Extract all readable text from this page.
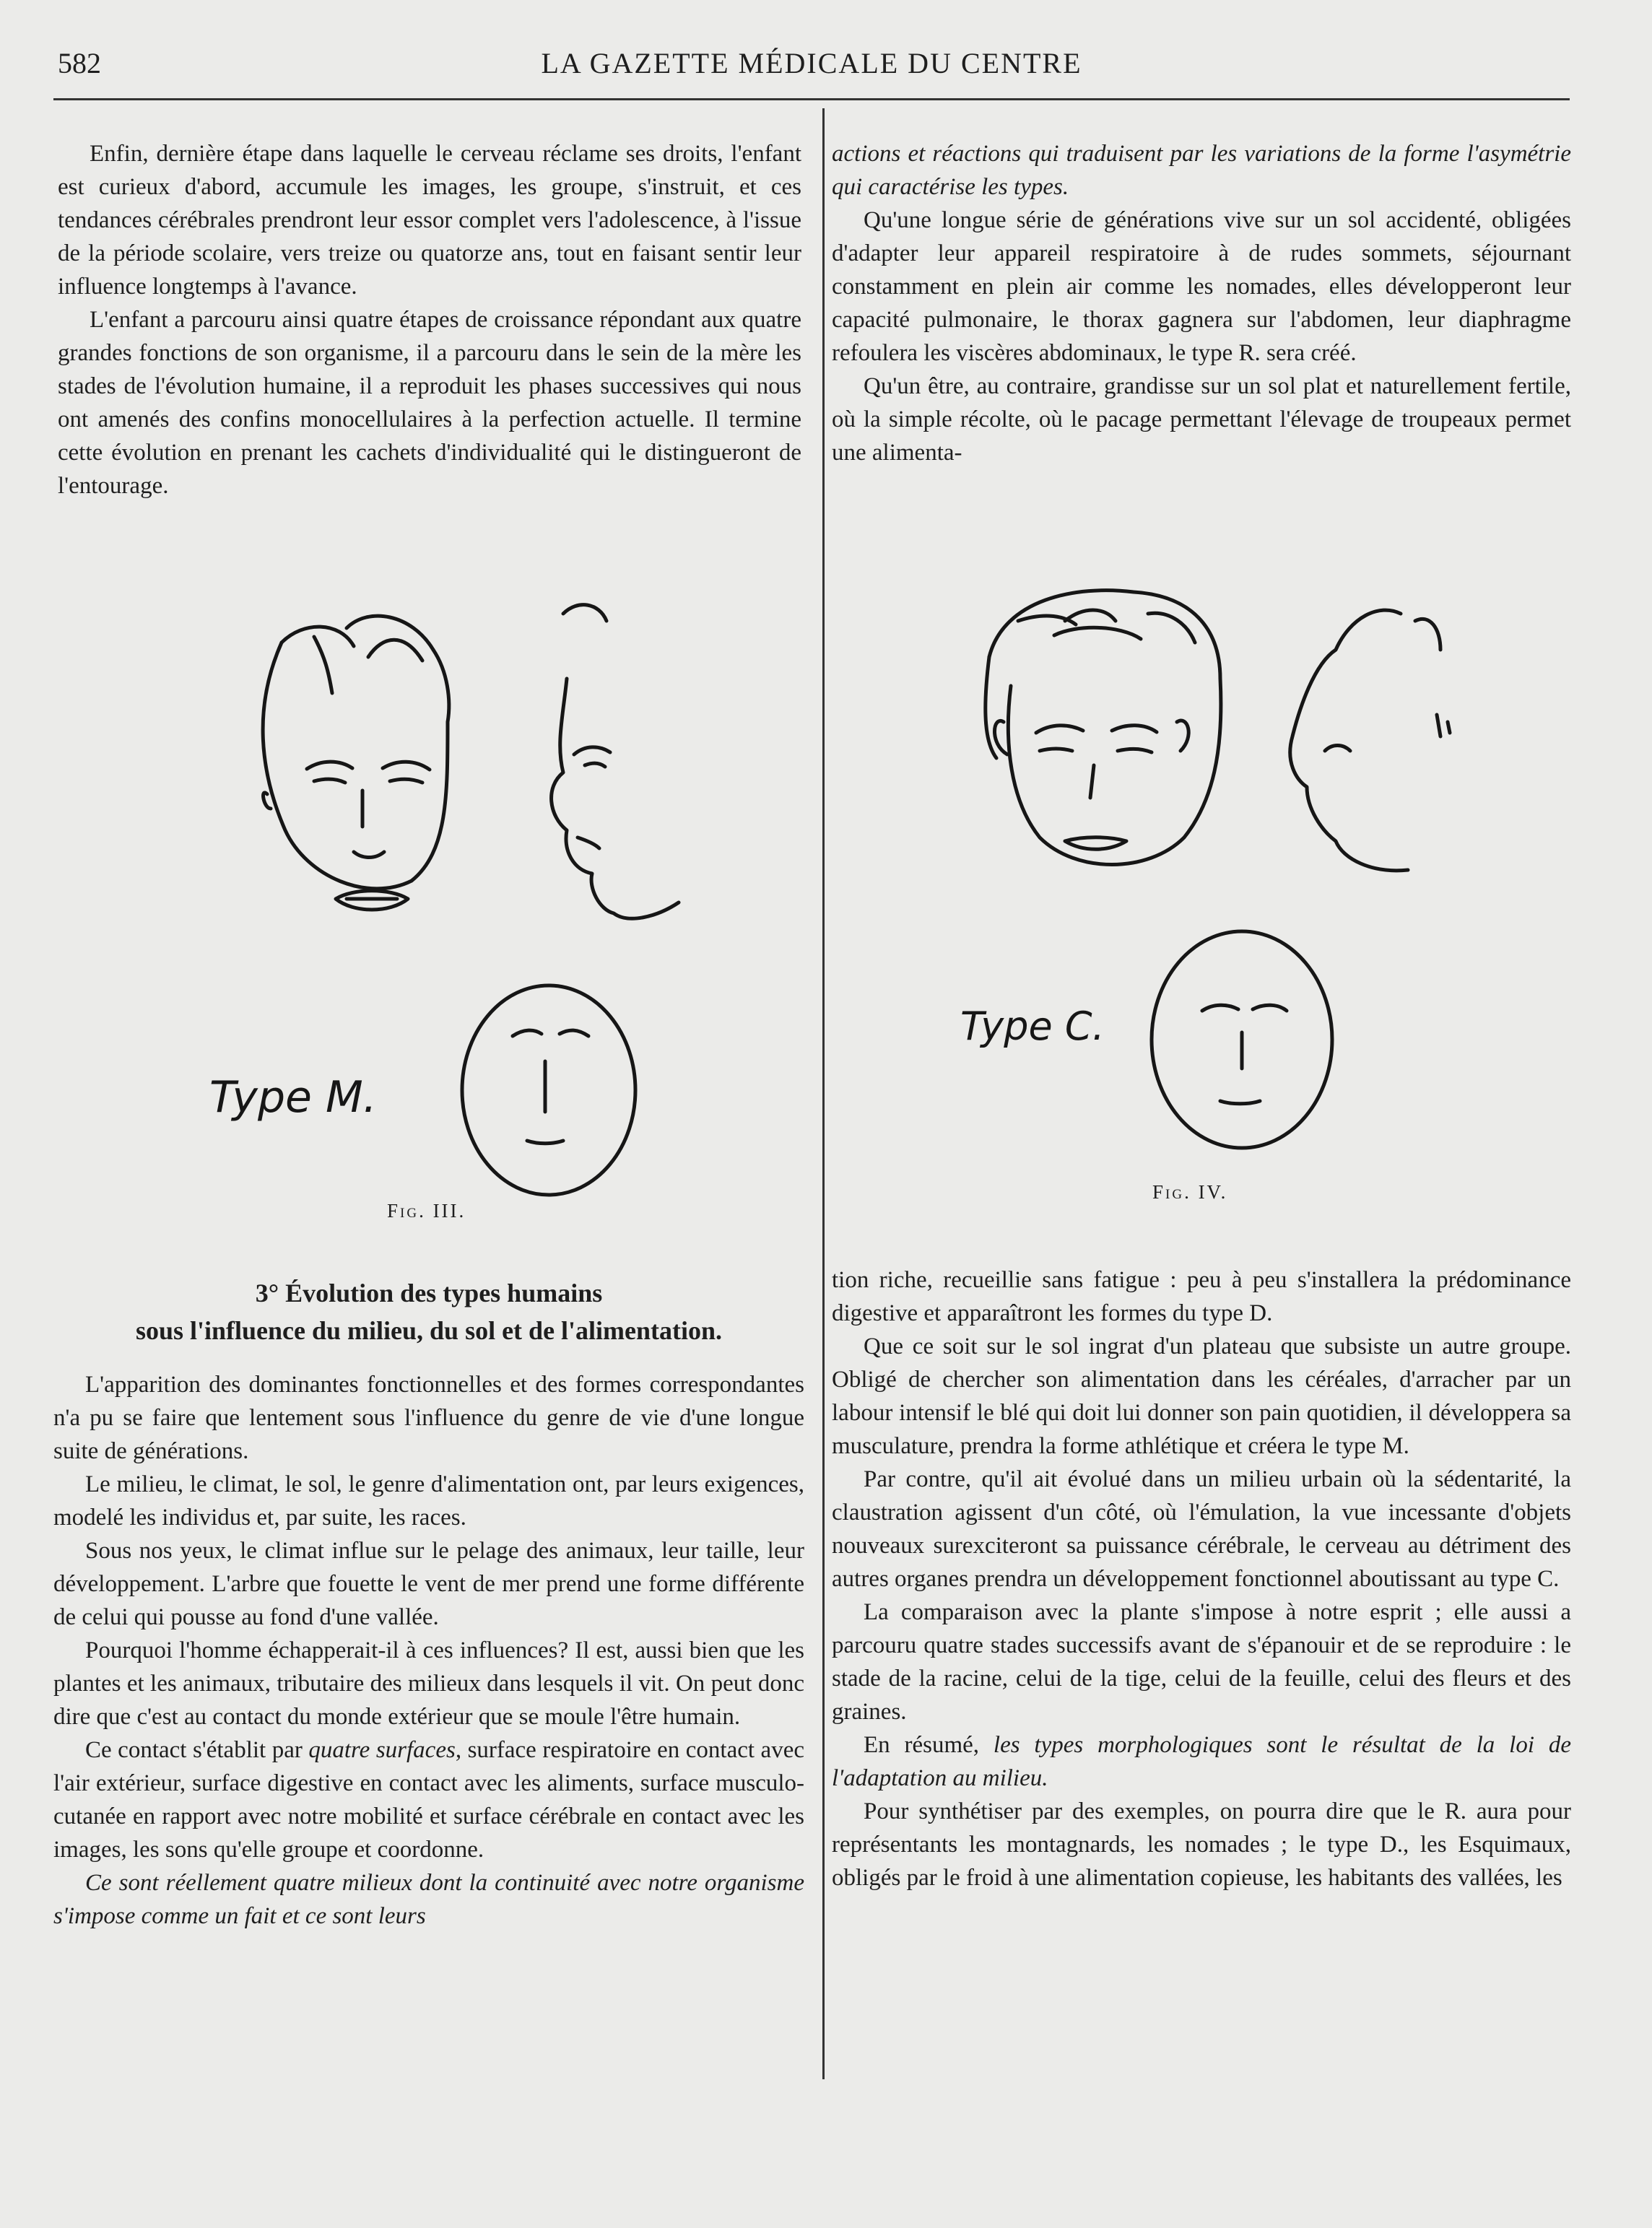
582	LA GAZETTE MÉDICALE DU CENTRE

Enfin, dernière étape dans laquelle le cerveau réclame ses droits, l'enfant est curieux d'abord, accumule les images, les groupe, s'instruit, et ces tendances cérébrales prendront leur essor complet vers l'adolescence, à l'issue de la période scolaire, vers treize ou quatorze ans, tout en faisant sentir leur influence longtemps à l'avance.

L'enfant a parcouru ainsi quatre étapes de croissance répondant aux quatre grandes fonctions de son organisme, il a parcouru dans le sein de la mère les stades de l'évolution humaine, il a reproduit les phases successives qui nous ont amenés des confins monocellulaires à la perfection actuelle. Il termine cette évolution en prenant les cachets d'individualité qui le distingueront de l'entourage.

actions et réactions qui traduisent par les variations de la forme l'asymétrie qui caractérise les types.

Qu'une longue série de générations vive sur un sol accidenté, obligées d'adapter leur appareil respiratoire à de rudes sommets, séjournant constamment en plein air comme les nomades, elles développeront leur capacité pulmonaire, le thorax gagnera sur l'abdomen, leur diaphragme refoulera les viscères abdominaux, le type R. sera créé.

Qu'un être, au contraire, grandisse sur un sol plat et naturellement fertile, où la simple récolte, où le pacage permettant l'élevage de troupeaux permet une alimenta-

Type M.
Fig. III.
Type C.
Fig. IV.
3° Évolution des types humains
sous l'influence du milieu, du sol et de l'alimentation.

L'apparition des dominantes fonctionnelles et des formes correspondantes n'a pu se faire que lentement sous l'influence du genre de vie d'une longue suite de générations.

Le milieu, le climat, le sol, le genre d'alimentation ont, par leurs exigences, modelé les individus et, par suite, les races.

Sous nos yeux, le climat influe sur le pelage des animaux, leur taille, leur développement. L'arbre que fouette le vent de mer prend une forme différente de celui qui pousse au fond d'une vallée.

Pourquoi l'homme échapperait-il à ces influences? Il est, aussi bien que les plantes et les animaux, tributaire des milieux dans lesquels il vit. On peut donc dire que c'est au contact du monde extérieur que se moule l'être humain.

Ce contact s'établit par quatre surfaces, surface respiratoire en contact avec l'air extérieur, surface digestive en contact avec les aliments, surface musculo-cutanée en rapport avec notre mobilité et surface cérébrale en contact avec les images, les sons qu'elle groupe et coordonne.

Ce sont réellement quatre milieux dont la continuité avec notre organisme s'impose comme un fait et ce sont leurs

tion riche, recueillie sans fatigue : peu à peu s'installera la prédominance digestive et apparaîtront les formes du type D.

Que ce soit sur le sol ingrat d'un plateau que subsiste un autre groupe. Obligé de chercher son alimentation dans les céréales, d'arracher par un labour intensif le blé qui doit lui donner son pain quotidien, il développera sa musculature, prendra la forme athlétique et créera le type M.

Par contre, qu'il ait évolué dans un milieu urbain où la sédentarité, la claustration agissent d'un côté, où l'émulation, la vue incessante d'objets nouveaux surexciteront sa puissance cérébrale, le cerveau au détriment des autres organes prendra un développement fonctionnel aboutissant au type C.

La comparaison avec la plante s'impose à notre esprit ; elle aussi a parcouru quatre stades successifs avant de s'épanouir et de se reproduire : le stade de la racine, celui de la tige, celui de la feuille, celui des fleurs et des graines.

En résumé, les types morphologiques sont le résultat de la loi de l'adaptation au milieu.

Pour synthétiser par des exemples, on pourra dire que le R. aura pour représentants les montagnards, les nomades ; le type D., les Esquimaux, obligés par le froid à une alimentation copieuse, les habitants des vallées, les
